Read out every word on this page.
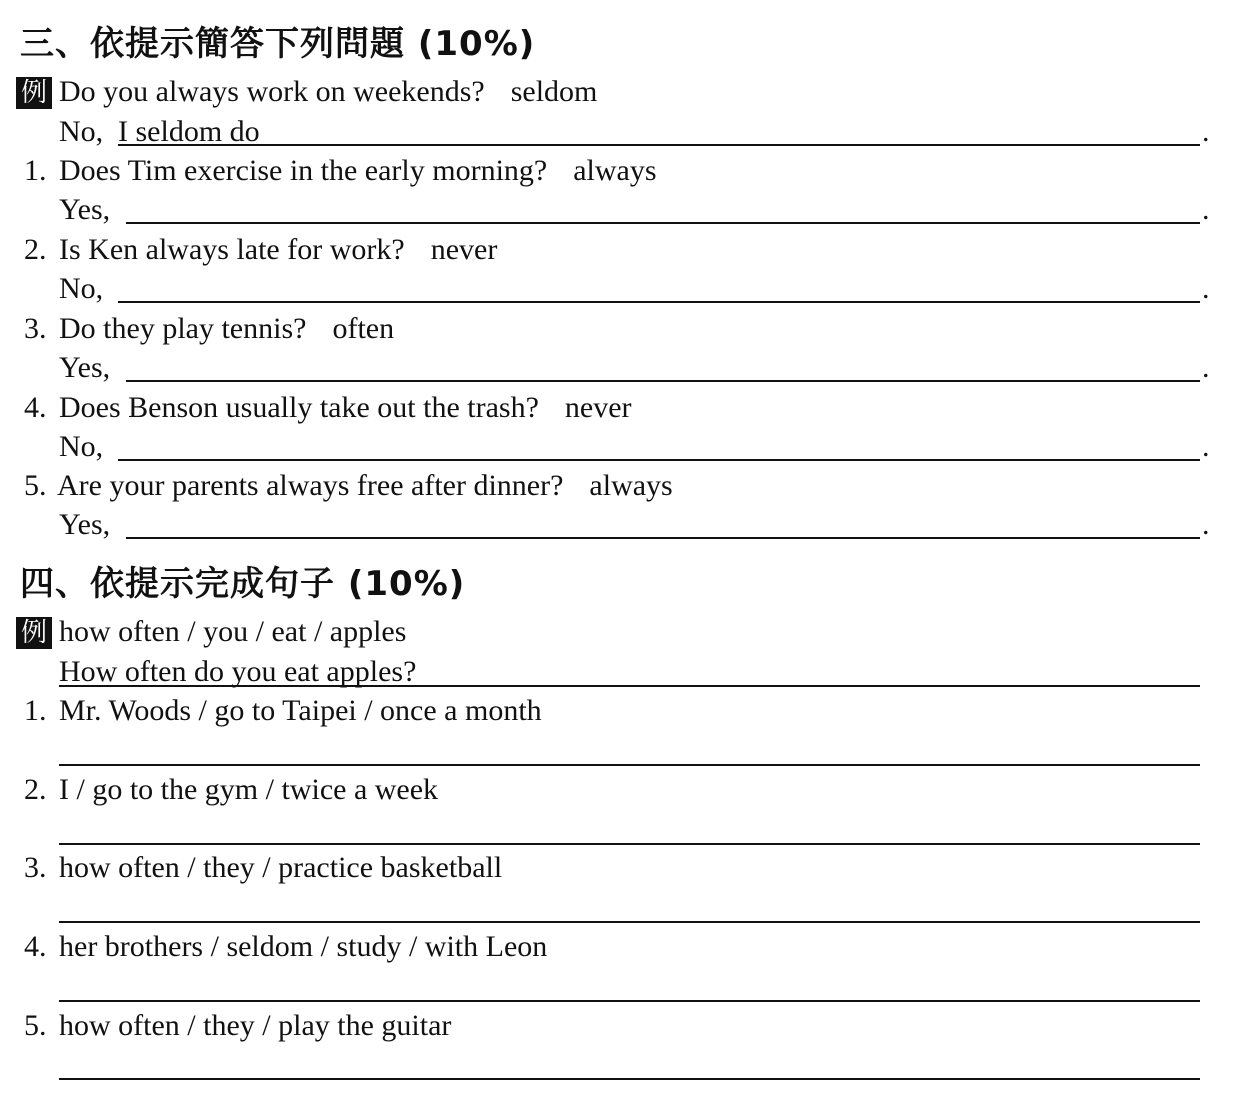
三、依提示簡答下列問題 (10%)
例 Do you always work on weekends? seldom
No, I seldom do	.
1. Does Tim exercise in the early morning? always
Yes,	.
2. Is Ken always late for work? never
No,	.
3. Do they play tennis? often
Yes,	.
4. Does Benson usually take out the trash? never
No,	.
5. Are your parents always free after dinner? always
Yes,	.
四、依提示完成句子 (10%)
例 how often / you / eat / apples
How often do you eat apples?
1. Mr. Woods / go to Taipei / once a month
2. I / go to the gym / twice a week
3. how often / they / practice basketball
4. her brothers / seldom / study / with Leon
5. how often / they / play the guitar
